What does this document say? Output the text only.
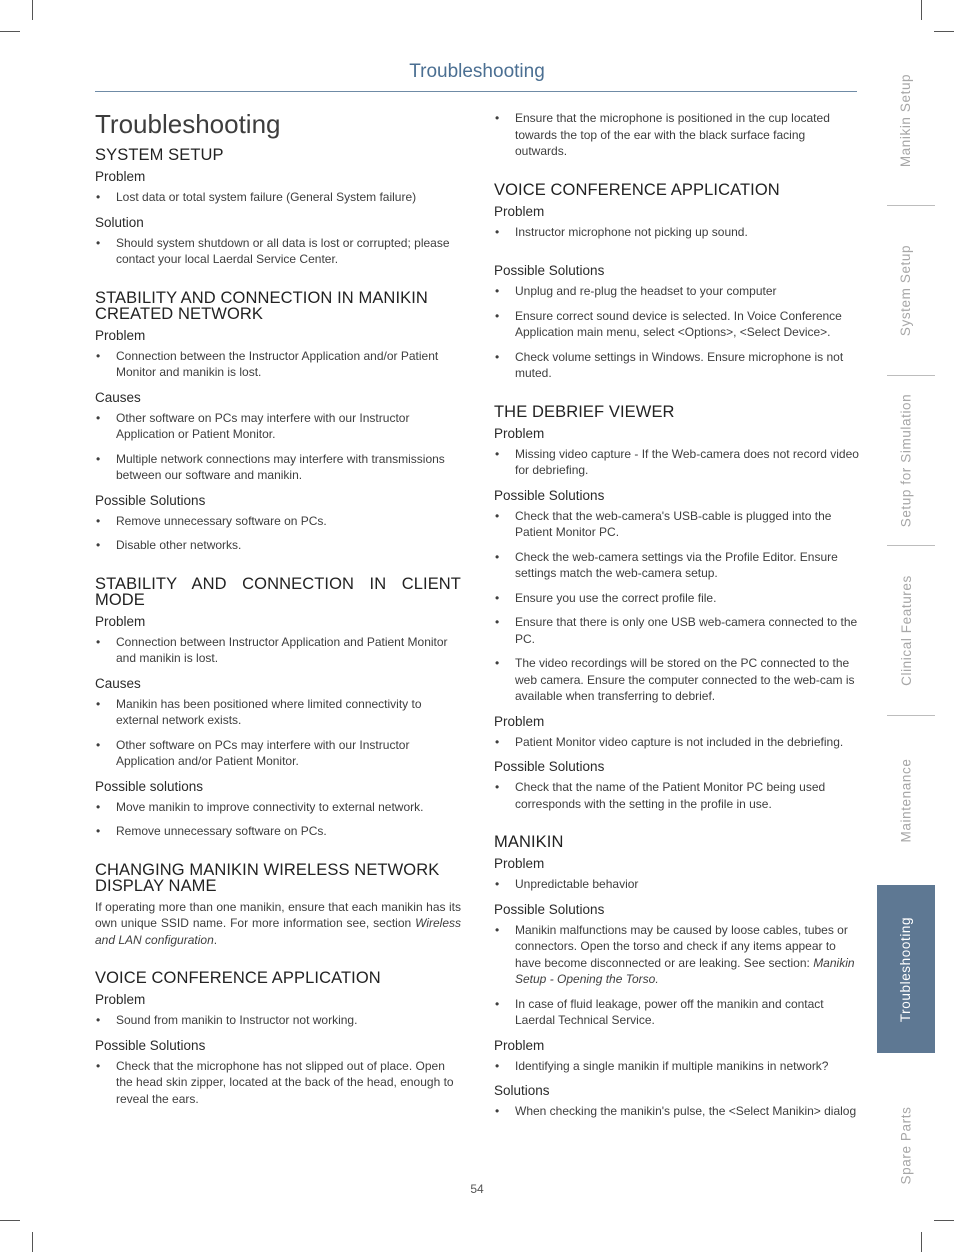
Troubleshooting
Troubleshooting
SYSTEM SETUP
Problem
• Lost data or total system failure (General System failure)
Solution
• Should system shutdown or all data is lost or corrupted; please contact your local Laerdal Service Center.
STABILITY AND CONNECTION IN MANIKIN CREATED NETWORK
Problem
• Connection between the Instructor Application and/or Patient Monitor and manikin is lost.
Causes
• Other software on PCs may interfere with our Instructor Application or Patient Monitor.
• Multiple network connections may interfere with transmissions between our software and manikin.
Possible Solutions
• Remove unnecessary software on PCs.
• Disable other networks.
STABILITY AND CONNECTION IN CLIENT MODE
Problem
• Connection between Instructor Application and Patient Monitor and manikin is lost.
Causes
• Manikin has been positioned where limited connectivity to external network exists.
• Other software on PCs may interfere with our Instructor Application and/or Patient Monitor.
Possible solutions
• Move manikin to improve connectivity to external network.
• Remove unnecessary software on PCs.
CHANGING MANIKIN WIRELESS NETWORK DISPLAY NAME

If operating more than one manikin, ensure that each manikin has its own unique SSID name. For more information see, section Wireless and LAN configuration.

VOICE CONFERENCE APPLICATION
Problem
• Sound from manikin to Instructor not working.
Possible Solutions
• Check that the microphone has not slipped out of place. Open the head skin zipper, located at the back of the head, enough to reveal the ears.
• Ensure that the microphone is positioned in the cup located towards the top of the ear with the black surface facing outwards.
VOICE CONFERENCE APPLICATION
Problem
• Instructor microphone not picking up sound.
Possible Solutions
• Unplug and re-plug the headset to your computer
• Ensure correct sound device is selected. In Voice Conference Application main menu, select <Options>, <Select Device>.
• Check volume settings in Windows. Ensure microphone is not muted.
THE DEBRIEF VIEWER
Problem
• Missing video capture - If the Web-camera does not record video for debriefing.
Possible Solutions
• Check that the web-camera's USB-cable is plugged into the Patient Monitor PC.
• Check the web-camera settings via the Profile Editor. Ensure settings match the web-camera setup.
• Ensure you use the correct profile file.
• Ensure that there is only one USB web-camera connected to the PC.
• The video recordings will be stored on the PC connected to the web camera. Ensure the computer connected to the web-cam is available when transferring to debrief.
Problem
• Patient Monitor video capture is not included in the debriefing.
Possible Solutions
• Check that the name of the Patient Monitor PC being used corresponds with the setting in the profile in use.
MANIKIN
Problem
• Unpredictable behavior
Possible Solutions
• Manikin malfunctions may be caused by loose cables, tubes or connectors. Open the torso and check if any items appear to have become disconnected or are leaking. See section: Manikin Setup - Opening the Torso.
• In case of fluid leakage, power off the manikin and contact Laerdal Technical Service.
Problem
• Identifying a single manikin if multiple manikins in network?
Solutions
• When checking the manikin's pulse, the <Select Manikin> dialog
Manikin Setup
System Setup
Setup for Simulation
Clinical Features
Maintenance
Troubleshooting
Spare Parts
54
